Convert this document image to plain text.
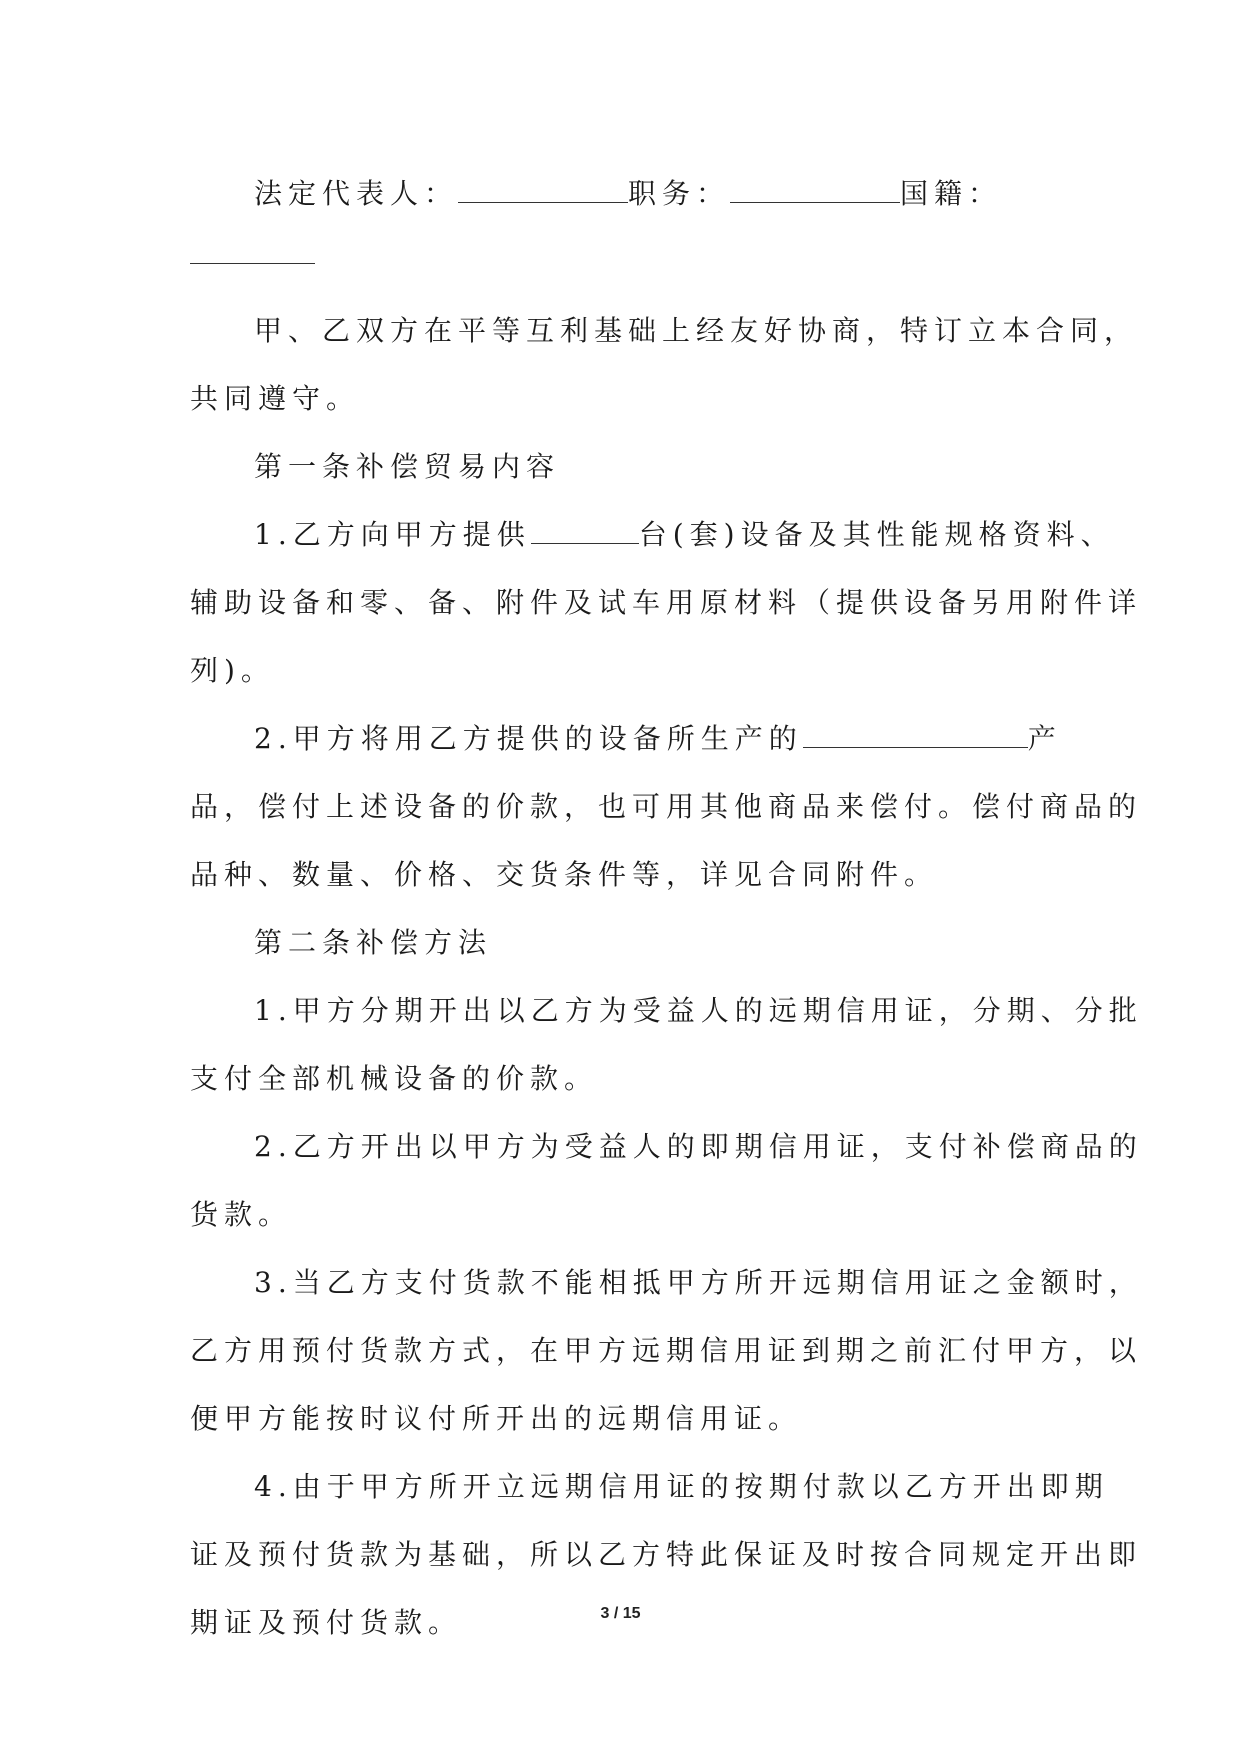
法定代表人：	职务：	国籍：
甲、乙双方在平等互利基础上经友好协商，特订立本合同，
共同遵守。
第一条补偿贸易内容
1.乙方向甲方提供	台(套)设备及其性能规格资料、
辅助设备和零、备、附件及试车用原材料（提供设备另用附件详
列)。
2.甲方将用乙方提供的设备所生产的	产
品，偿付上述设备的价款，也可用其他商品来偿付。偿付商品的
品种、数量、价格、交货条件等，详见合同附件。
第二条补偿方法
1.甲方分期开出以乙方为受益人的远期信用证，分期、分批
支付全部机械设备的价款。
2.乙方开出以甲方为受益人的即期信用证，支付补偿商品的
货款。
3.当乙方支付货款不能相抵甲方所开远期信用证之金额时，
乙方用预付货款方式，在甲方远期信用证到期之前汇付甲方，以
便甲方能按时议付所开出的远期信用证。
4.由于甲方所开立远期信用证的按期付款以乙方开出即期
证及预付货款为基础，所以乙方特此保证及时按合同规定开出即
期证及预付货款。	3 / 15
